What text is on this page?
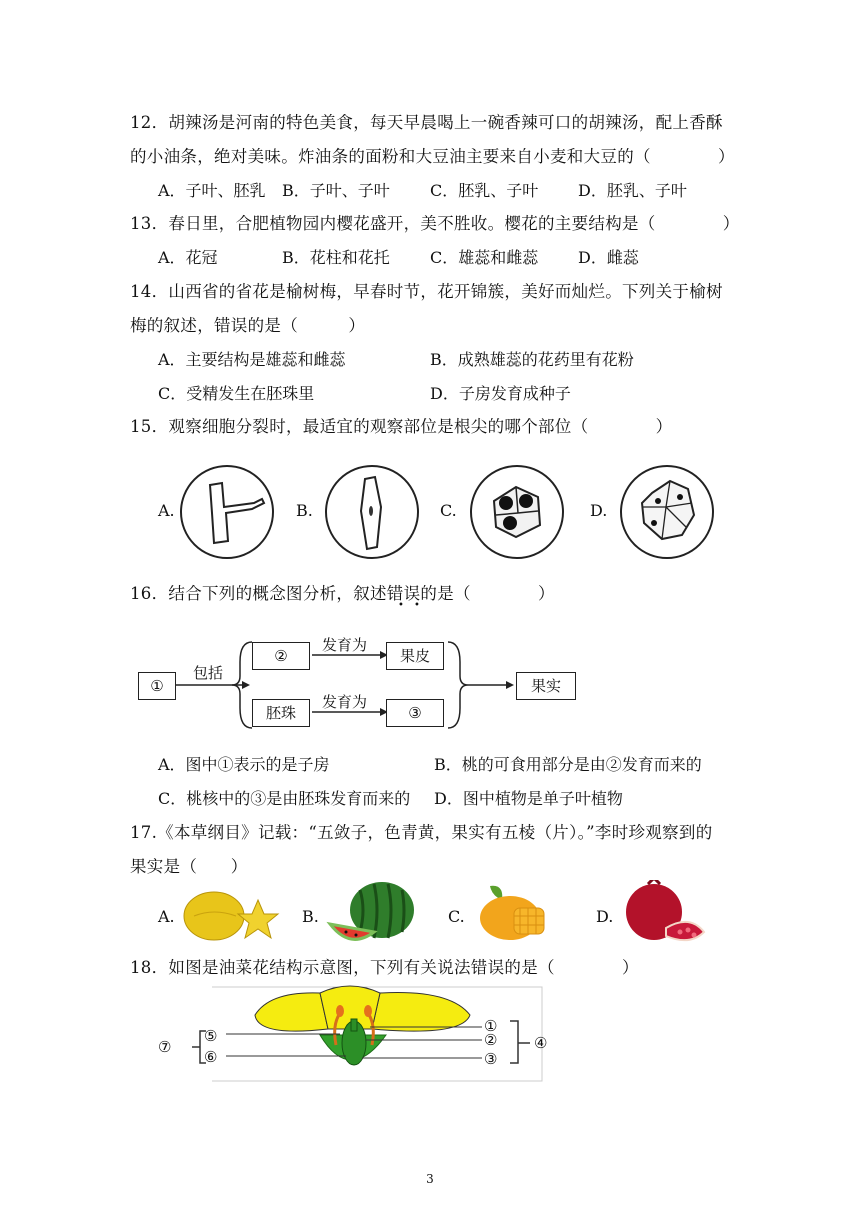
12．胡辣汤是河南的特色美食，每天早晨喝上一碗香辣可口的胡辣汤，配上香酥
的小油条，绝对美味。炸油条的面粉和大豆油主要来自小麦和大豆的（　　　　）
A．子叶、胚乳 B．子叶、子叶	C．胚乳、子叶 D．胚乳、子叶
13．春日里，合肥植物园内樱花盛开，美不胜收。樱花的主要结构是（　　　　）
A．花冠	B．花柱和花托	C．雄蕊和雌蕊 D．雌蕊
14．山西省的省花是榆树梅，早春时节，花开锦簇，美好而灿烂。下列关于榆树
梅的叙述，错误的是（　　　）
A．主要结构是雄蕊和雌蕊	B．成熟雄蕊的花药里有花粉
C．受精发生在胚珠里	D．子房发育成种子
15．观察细胞分裂时，最适宜的观察部位是根尖的哪个部位（　　　　）
A.	B.	C.	D.
16．结合下列的概念图分析，叙述错误的是（　　　　）
• •
①
包括
②
发育为
果皮
胚珠
发育为
③
果实
A．图中①表示的是子房	B．桃的可食用部分是由②发育而来的
C．桃核中的③是由胚珠发育而来的 D．图中植物是单子叶植物
17.《本草纲目》记载：“五敛子，色青黄，果实有五棱（片）。”李时珍观察到的
果实是（　　）
A.	B.	C.	D.
18．如图是油菜花结构示意图，下列有关说法错误的是（　　　　）
⑤
⑥
⑦
①
②
③
④
3
